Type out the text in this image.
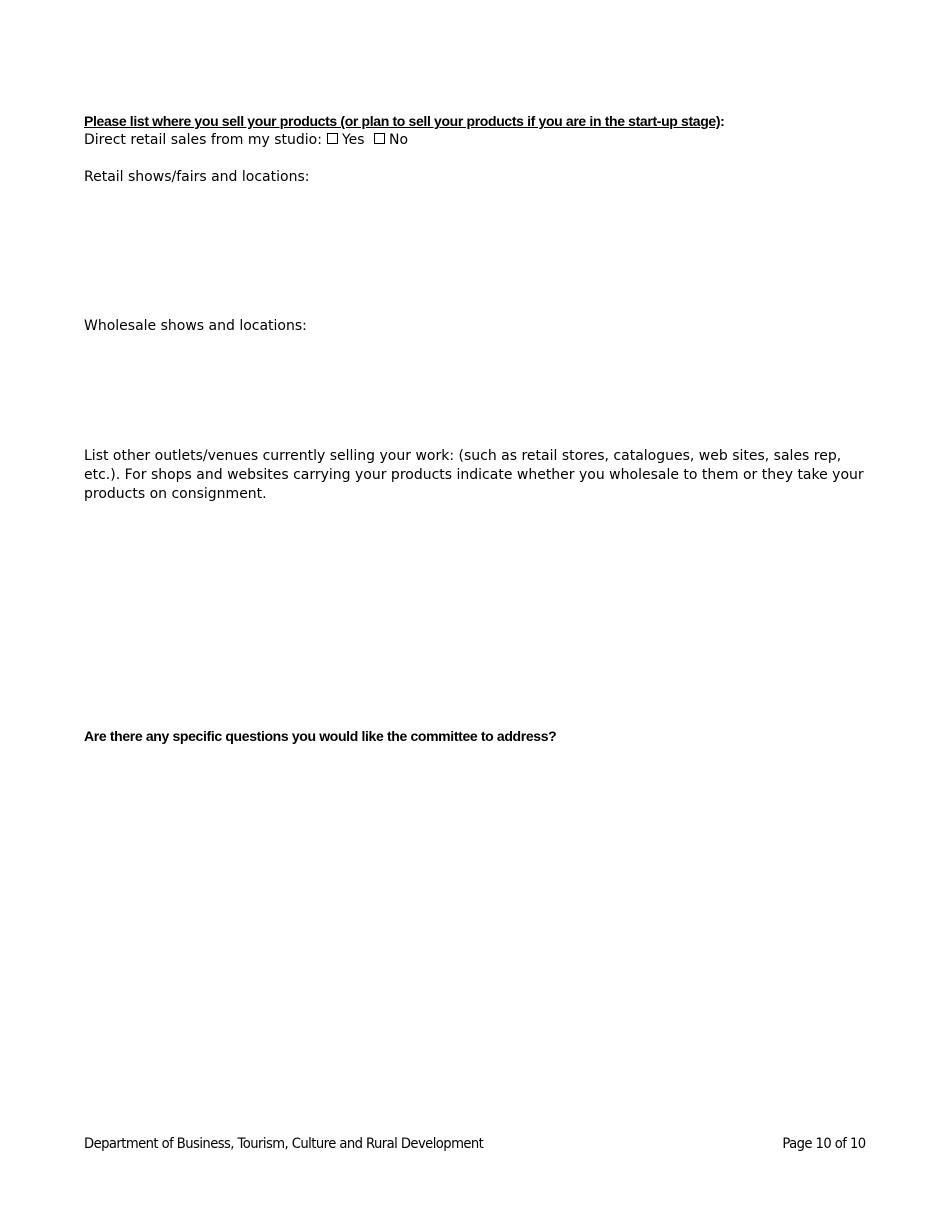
Please list where you sell your products (or plan to sell your products if you are in the start-up stage):
Direct retail sales from my studio: Yes No
Retail shows/fairs and locations:
Wholesale shows and locations:
List other outlets/venues currently selling your work: (such as retail stores, catalogues, web sites, sales rep, etc.). For shops and websites carrying your products indicate whether you wholesale to them or they take your products on consignment.
Are there any specific questions you would like the committee to address?
Department of Business, Tourism, Culture and Rural Development	Page 10 of 10
